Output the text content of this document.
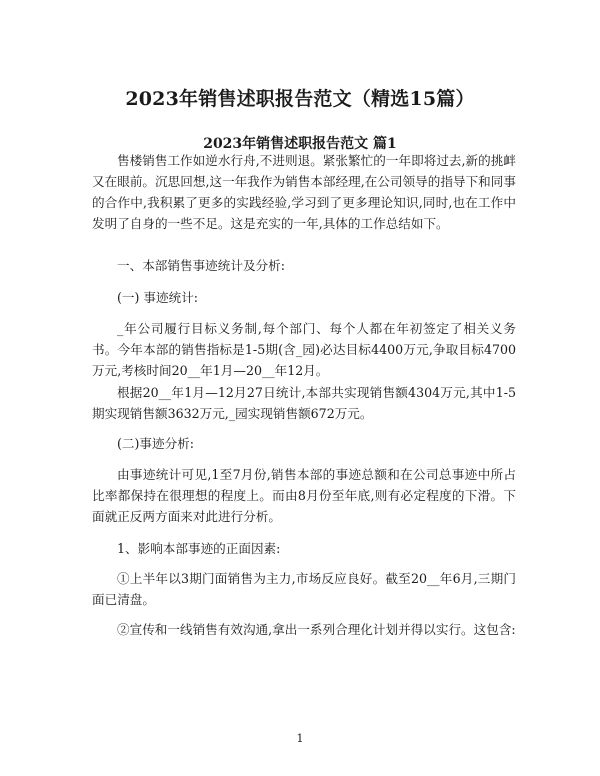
2023年销售述职报告范文（精选15篇）
2023年销售述职报告范文 篇1

售楼销售工作如逆水行舟,不进则退。紧张繁忙的一年即将过去,新的挑衅又在眼前。沉思回想,这一年我作为销售本部经理,在公司领导的指导下和同事的合作中,我积累了更多的实践经验,学习到了更多理论知识,同时,也在工作中发明了自身的一些不足。这是充实的一年,具体的工作总结如下。

一、本部销售事迹统计及分析:

(一) 事迹统计:

_年公司履行目标义务制,每个部门、每个人都在年初签定了相关义务书。今年本部的销售指标是1-5期(含_园)必达目标4400万元,争取目标4700万元,考核时间20__年1月—20__年12月。

根据20__年1月—12月27日统计,本部共实现销售额4304万元,其中1-5期实现销售额3632万元,_园实现销售额672万元。

(二)事迹分析:

由事迹统计可见,1至7月份,销售本部的事迹总额和在公司总事迹中所占比率都保持在很理想的程度上。而由8月份至年底,则有必定程度的下滑。下面就正反两方面来对此进行分析。

1、影响本部事迹的正面因素:

①上半年以3期门面销售为主力,市场反应良好。截至20__年6月,三期门面已清盘。

②宣传和一线销售有效沟通,拿出一系列合理化计划并得以实行。这包含:

1
